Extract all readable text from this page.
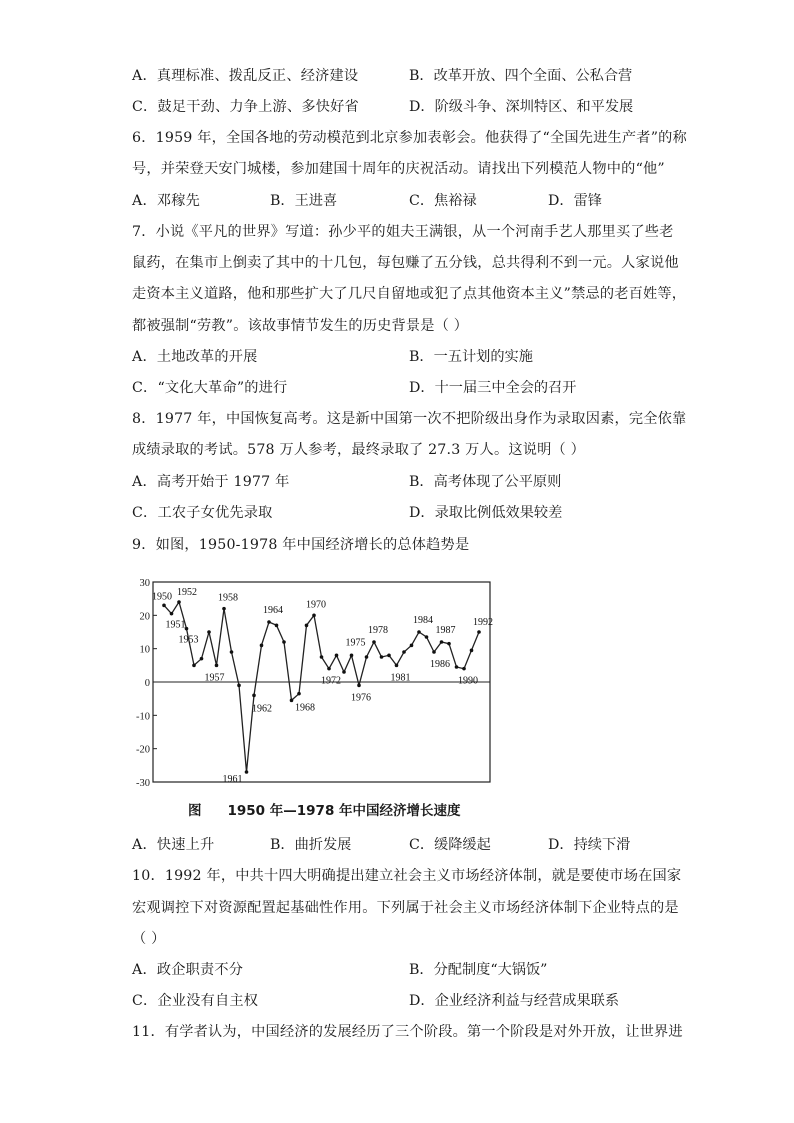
A．真理标准、拨乱反正、经济建设	B．改革开放、四个全面、公私合营
C．鼓足干劲、力争上游、多快好省	D．阶级斗争、深圳特区、和平发展
6．1959 年，全国各地的劳动模范到北京参加表彰会。他获得了“全国先进生产者”的称
号，并荣登天安门城楼，参加建国十周年的庆祝活动。请找出下列模范人物中的“他”
A．邓稼先	B．王进喜	C．焦裕禄	D．雷锋
7．小说《平凡的世界》写道：孙少平的姐夫王满银，从一个河南手艺人那里买了些老
鼠药，在集市上倒卖了其中的十几包，每包赚了五分钱，总共得利不到一元。人家说他
走资本主义道路，他和那些扩大了几尺自留地或犯了点其他资本主义”禁忌的老百姓等，
都被强制“劳教”。该故事情节发生的历史背景是（ ）
A．土地改革的开展	B．一五计划的实施
C．“文化大革命”的进行	D．十一届三中全会的召开
8．1977 年，中国恢复高考。这是新中国第一次不把阶级出身作为录取因素，完全依靠
成绩录取的考试。578 万人参考，最终录取了 27.3 万人。这说明（ ）
A．高考开始于 1977 年	B．高考体现了公平原则
C．工农子女优先录取	D．录取比例低效果较差
9．如图，1950-1978 年中国经济增长的总体趋势是
30
20
10
0
-10
-20
-30
1950
1951
1952
1953
1957
1958
1961
1962
1964
1968
1970
1972
1975
1976
1978
1981
1984
1986
1987
1990
1992
图 1950 年—1978 年中国经济增长速度
A．快速上升	B．曲折发展	C．缓降缓起	D．持续下滑
10．1992 年，中共十四大明确提出建立社会主义市场经济体制，就是要使市场在国家
宏观调控下对资源配置起基础性作用。下列属于社会主义市场经济体制下企业特点的是
（ ）
A．政企职责不分	B．分配制度“大锅饭”
C．企业没有自主权	D．企业经济利益与经营成果联系
11．有学者认为，中国经济的发展经历了三个阶段。第一个阶段是对外开放，让世界进
